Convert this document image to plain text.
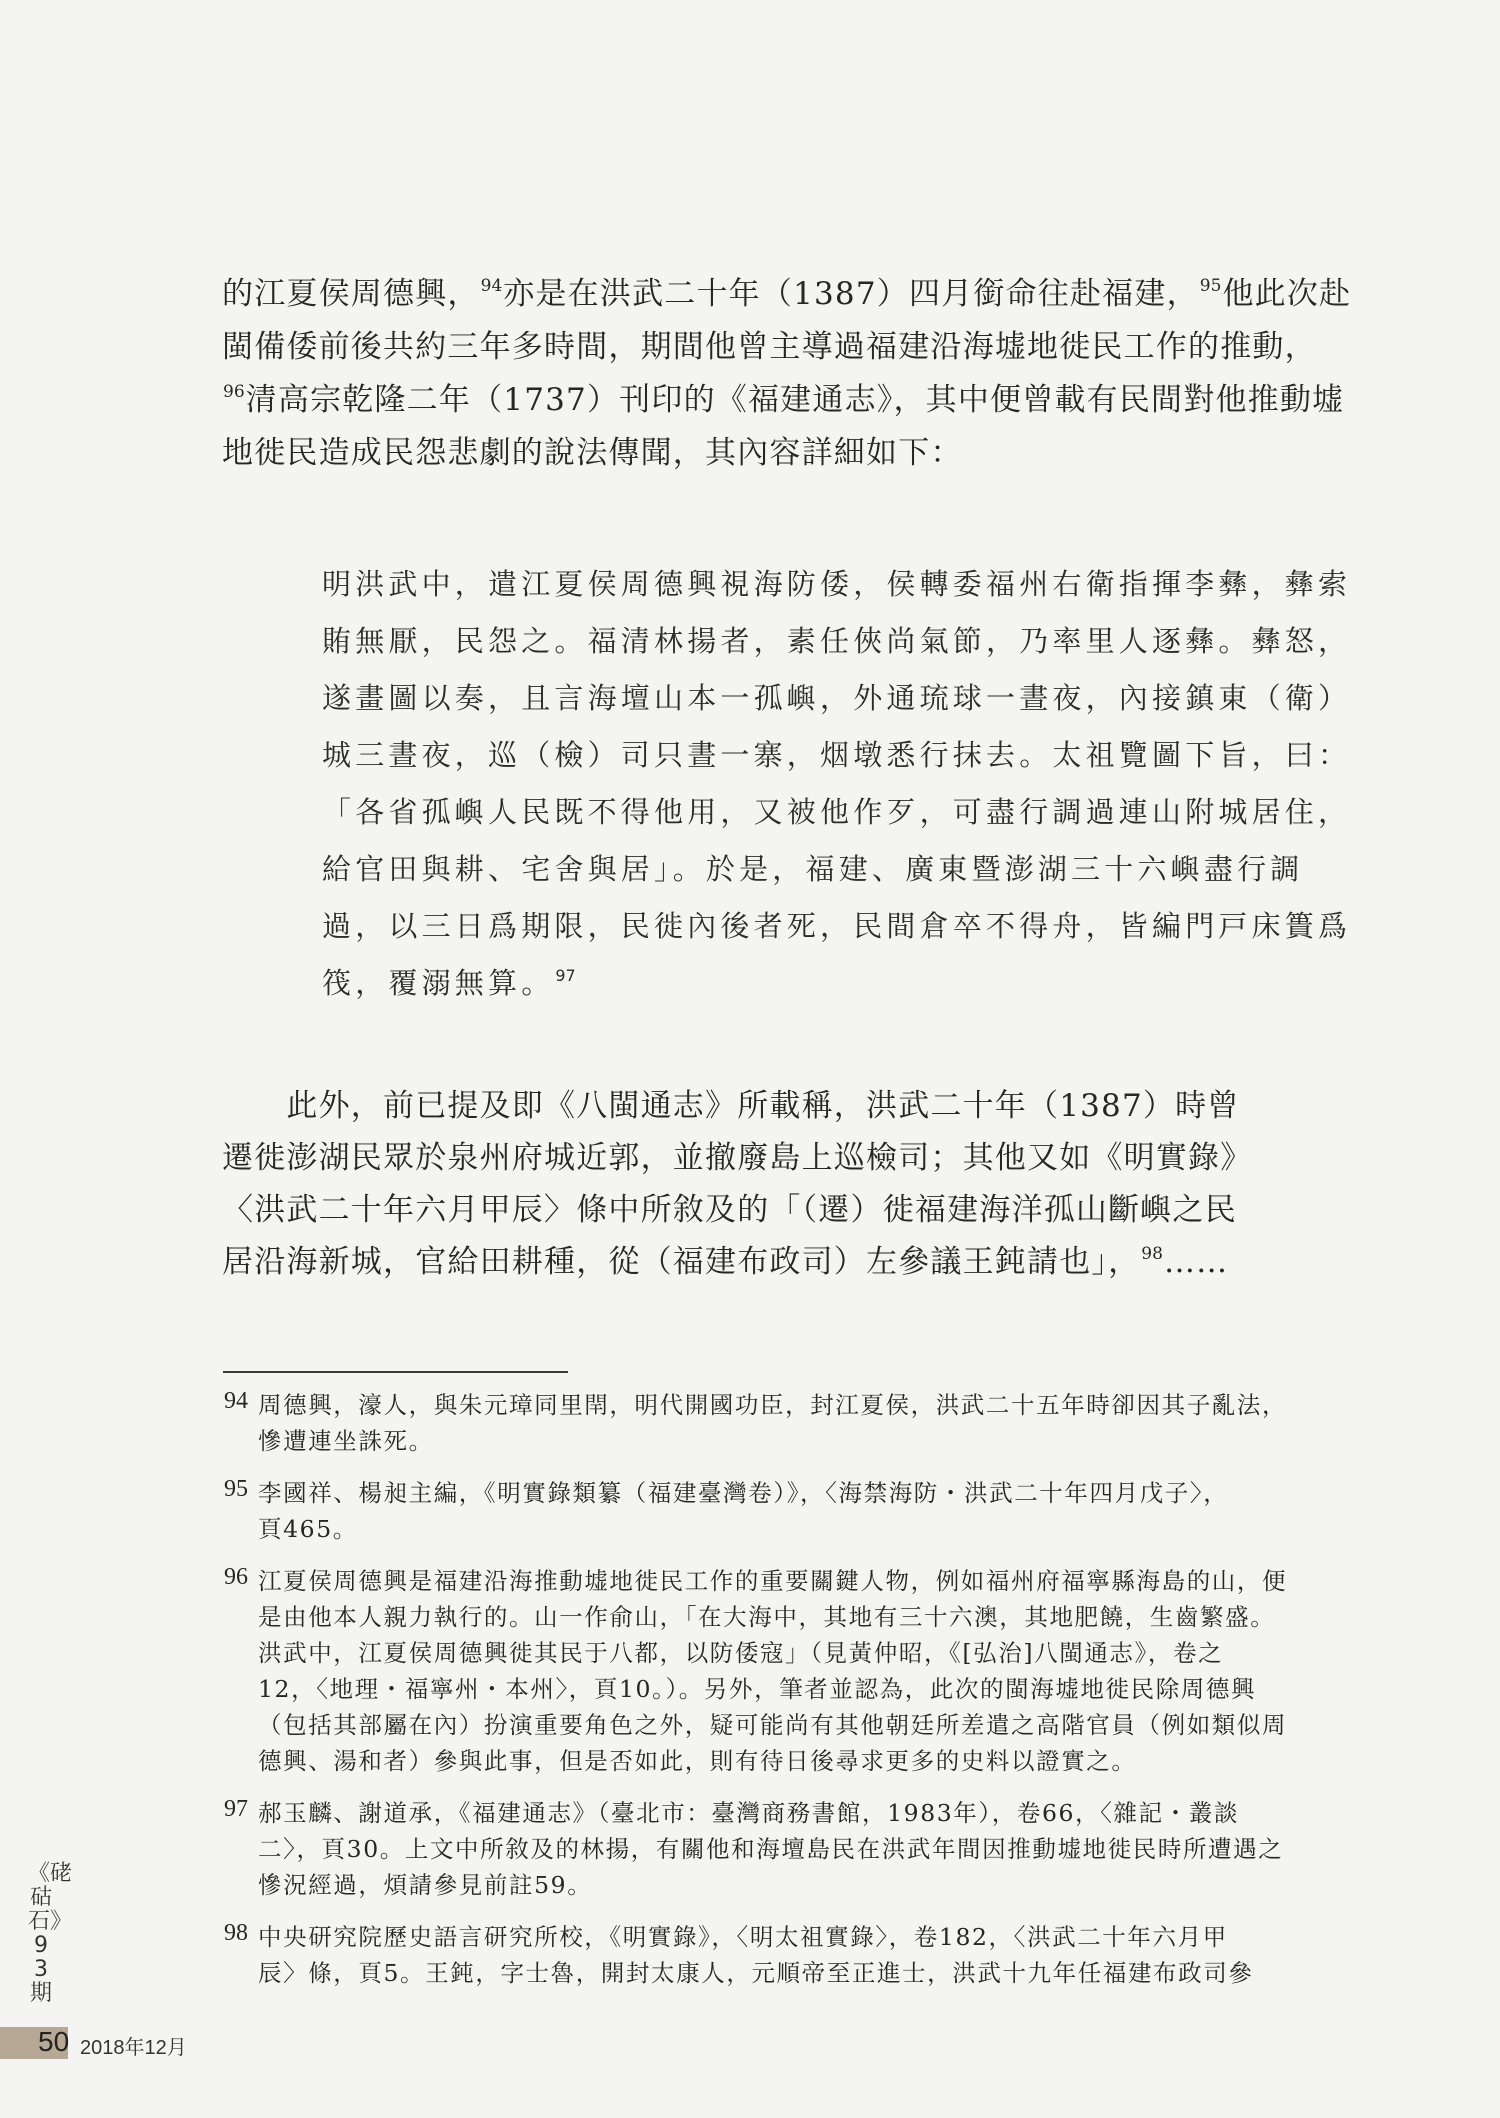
的江夏侯周德興，$^{94}$亦是在洪武二十年（1387）四月銜命往赴福建，$^{95}$他此次赴
閩備倭前後共約三年多時間，期間他曾主導過福建沿海墟地徙民工作的推動，
$^{96}$清高宗乾隆二年（1737）刊印的《福建通志》，其中便曾載有民間對他推動墟
地徙民造成民怨悲劇的說法傳聞，其內容詳細如下：
明洪武中，遣江夏侯周德興視海防倭，侯轉委福州右衛指揮李彝，彝索
賄無厭，民怨之。福清林揚者，素任俠尚氣節，乃率里人逐彝。彝怒，
遂畫圖以奏，且言海壇山本一孤嶼，外通琉球一晝夜，內接鎮東（衛）
城三晝夜，巡（檢）司只晝一寨，烟墩悉行抹去。太祖覽圖下旨，曰：
「各省孤嶼人民既不得他用，又被他作歹，可盡行調過連山附城居住，
給官田與耕、宅舍與居」。於是，福建、廣東暨澎湖三十六嶼盡行調
過，以三日爲期限，民徙內後者死，民間倉卒不得舟，皆編門戸床簣爲
筏，覆溺無算。$^{97}$
　　此外，前已提及即《八閩通志》所載稱，洪武二十年（1387）時曾
遷徙澎湖民眾於泉州府城近郭，並撤廢島上巡檢司；其他又如《明實錄》
〈洪武二十年六月甲辰〉條中所敘及的「（遷）徙福建海洋孤山斷嶼之民
居沿海新城，官給田耕種，從（福建布政司）左參議王鈍請也」，$^{98}$……
94 周德興，濠人，與朱元璋同里閈，明代開國功臣，封江夏侯，洪武二十五年時卻因其子亂法，
慘遭連坐誅死。
95 李國祥、楊昶主編，《明實錄類纂（福建臺灣卷）》，〈海禁海防・洪武二十年四月戊子〉，
頁465。
96 江夏侯周德興是福建沿海推動墟地徙民工作的重要關鍵人物，例如福州府福寧縣海島的山，便
是由他本人親力執行的。山一作俞山，「在大海中，其地有三十六澳，其地肥饒，生齒繁盛。
洪武中，江夏侯周德興徙其民于八都，以防倭寇」（見黃仲昭，《[弘治]八閩通志》，卷之
12，〈地理・福寧州・本州〉，頁10。）。另外，筆者並認為，此次的閩海墟地徙民除周德興
（包括其部屬在內）扮演重要角色之外，疑可能尚有其他朝廷所差遣之高階官員（例如類似周
德興、湯和者）參與此事，但是否如此，則有待日後尋求更多的史料以證實之。
97 郝玉麟、謝道承，《福建通志》（臺北市：臺灣商務書館，1983年），卷66，〈雜記・叢談
二〉，頁30。上文中所敘及的林揚，有關他和海壇島民在洪武年間因推動墟地徙民時所遭遇之
慘況經過，煩請參見前註59。
98 中央研究院歷史語言研究所校，《明實錄》，〈明太祖實錄〉，卷182，〈洪武二十年六月甲
辰〉條，頁5。王鈍，字士魯，開封太康人，元順帝至正進士，洪武十九年任福建布政司參
《硓𥑮石》93期
50 2018年12月
